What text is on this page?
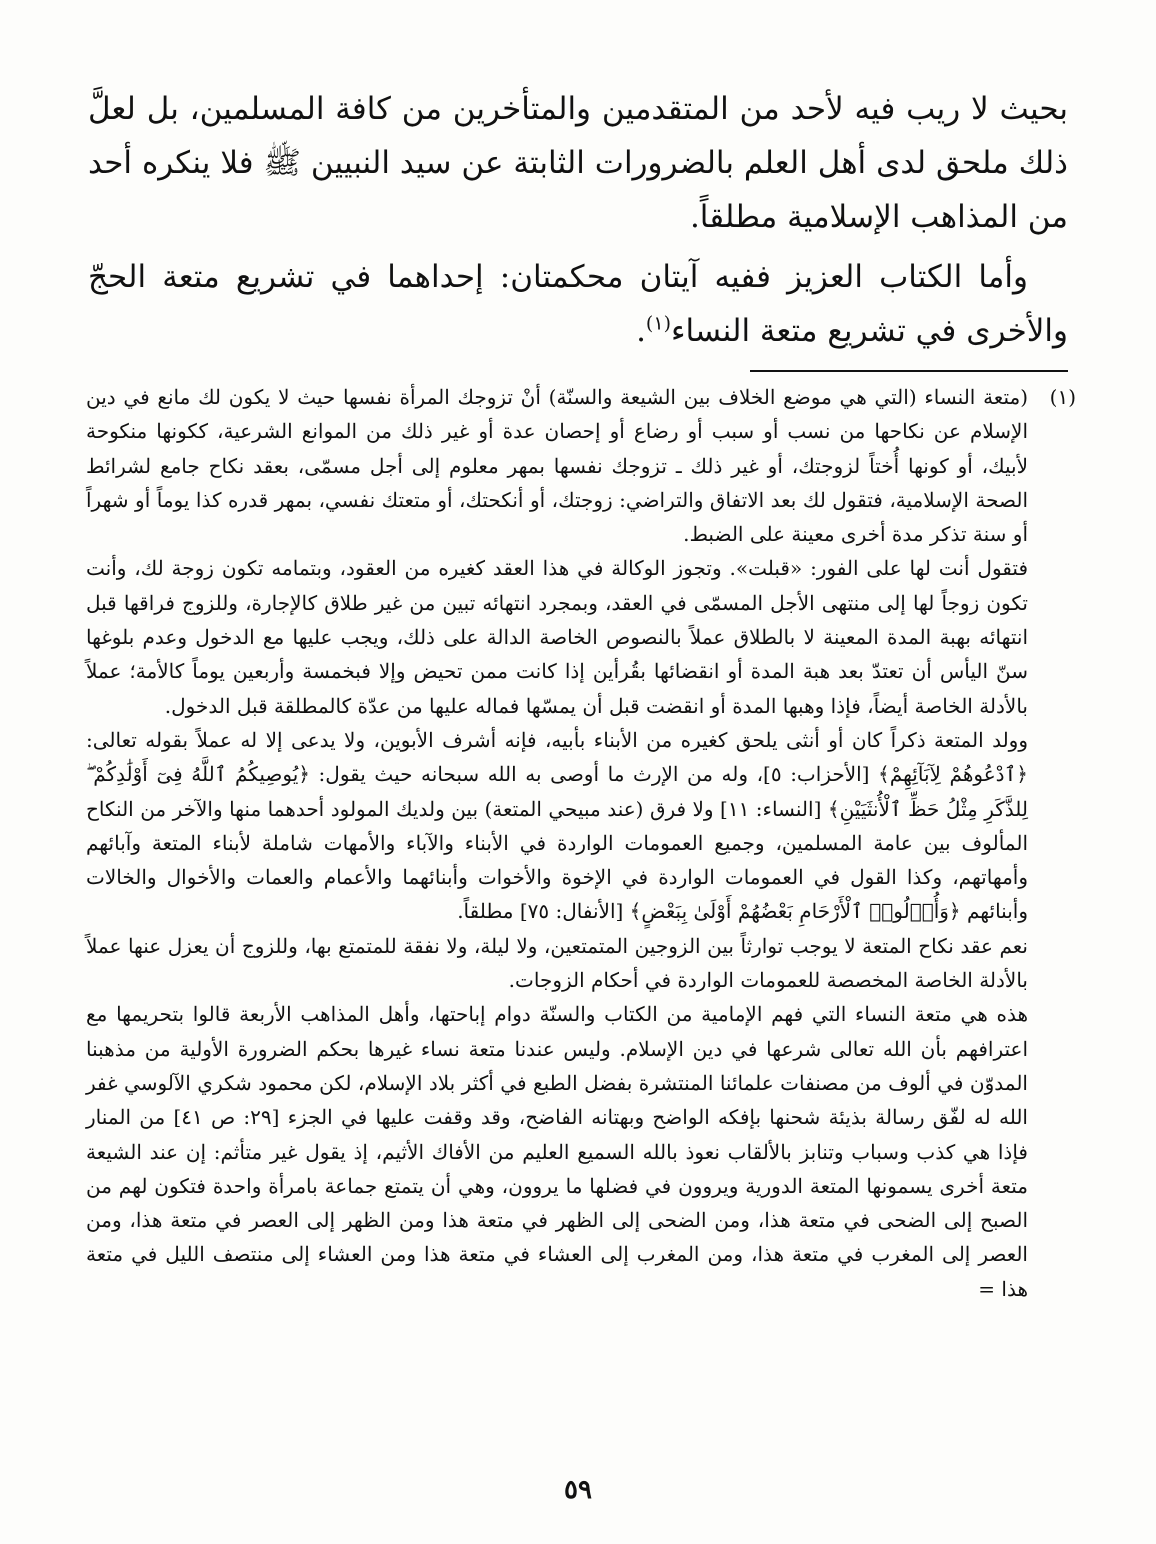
بحيث لا ريب فيه لأحد من المتقدمين والمتأخرين من كافة المسلمين، بل لعلَّ ذلك ملحق لدى أهل العلم بالضرورات الثابتة عن سيد النبيين ﷺ فلا ينكره أحد من المذاهب الإسلامية مطلقاً.

وأما الكتاب العزيز ففيه آيتان محكمتان: إحداهما في تشريع متعة الحجّ والأخرى في تشريع متعة النساء$^{(١)}$.

(١)

(متعة النساء (التي هي موضع الخلاف بين الشيعة والسنّة) أنْ تزوجك المرأة نفسها حيث لا يكون لك مانع في دين الإسلام عن نكاحها من نسب أو سبب أو رضاع أو إحصان عدة أو غير ذلك من الموانع الشرعية، ككونها منكوحة لأبيك، أو كونها أُختاً لزوجتك، أو غير ذلك ـ تزوجك نفسها بمهر معلوم إلى أجل مسمّى، بعقد نكاح جامع لشرائط الصحة الإسلامية، فتقول لك بعد الاتفاق والتراضي: زوجتك، أو أنكحتك، أو متعتك نفسي، بمهر قدره كذا يوماً أو شهراً أو سنة تذكر مدة أخرى معينة على الضبط.

فتقول أنت لها على الفور: «قبلت». وتجوز الوكالة في هذا العقد كغيره من العقود، وبتمامه تكون زوجة لك، وأنت تكون زوجاً لها إلى منتهى الأجل المسمّى في العقد، وبمجرد انتهائه تبين من غير طلاق كالإجارة، وللزوج فراقها قبل انتهائه بهبة المدة المعينة لا بالطلاق عملاً بالنصوص الخاصة الدالة على ذلك، ويجب عليها مع الدخول وعدم بلوغها سنّ اليأس أن تعتدّ بعد هبة المدة أو انقضائها بقُرأين إذا كانت ممن تحيض وإلا فبخمسة وأربعين يوماً كالأمة؛ عملاً بالأدلة الخاصة أيضاً، فإذا وهبها المدة أو انقضت قبل أن يمسّها فماله عليها من عدّة كالمطلقة قبل الدخول.

وولد المتعة ذكراً كان أو أنثى يلحق كغيره من الأبناء بأبيه، فإنه أشرف الأبوين، ولا يدعى إلا له عملاً بقوله تعالى: ﴿ٱدْعُوهُمْ لِآبَآئِهِمْ﴾ [الأحزاب: ٥]، وله من الإرث ما أوصى به الله سبحانه حيث يقول: ﴿يُوصِيكُمُ ٱللَّهُ فِىٓ أَوْلَٰدِكُمْ ۖ لِلذَّكَرِ مِثْلُ حَظِّ ٱلْأُنثَيَيْنِ﴾ [النساء: ١١] ولا فرق (عند مبيحي المتعة) بين ولديك المولود أحدهما منها والآخر من النكاح المألوف بين عامة المسلمين، وجميع العمومات الواردة في الأبناء والآباء والأمهات شاملة لأبناء المتعة وآبائهم وأمهاتهم، وكذا القول في العمومات الواردة في الإخوة والأخوات وأبنائهما والأعمام والعمات والأخوال والخالات وأبنائهم ﴿وَأُو۟لُوا۟ ٱلْأَرْحَامِ بَعْضُهُمْ أَوْلَىٰ بِبَعْضٍ﴾ [الأنفال: ٧٥] مطلقاً.

نعم عقد نكاح المتعة لا يوجب توارثاً بين الزوجين المتمتعين، ولا ليلة، ولا نفقة للمتمتع بها، وللزوج أن يعزل عنها عملاً بالأدلة الخاصة المخصصة للعمومات الواردة في أحكام الزوجات.

هذه هي متعة النساء التي فهم الإمامية من الكتاب والسنّة دوام إباحتها، وأهل المذاهب الأربعة قالوا بتحريمها مع اعترافهم بأن الله تعالى شرعها في دين الإسلام. وليس عندنا متعة نساء غيرها بحكم الضرورة الأولية من مذهبنا المدوّن في ألوف من مصنفات علمائنا المنتشرة بفضل الطبع في أكثر بلاد الإسلام، لكن محمود شكري الآلوسي غفر الله له لفّق رسالة بذيئة شحنها بإفكه الواضح وبهتانه الفاضح، وقد وقفت عليها في الجزء [٢٩: ص ٤١] من المنار فإذا هي كذب وسباب وتنابز بالألقاب نعوذ بالله السميع العليم من الأفاك الأثيم، إذ يقول غير متأثم: إن عند الشيعة متعة أخرى يسمونها المتعة الدورية ويروون في فضلها ما يروون، وهي أن يتمتع جماعة بامرأة واحدة فتكون لهم من الصبح إلى الضحى في متعة هذا، ومن الضحى إلى الظهر في متعة هذا ومن الظهر إلى العصر في متعة هذا، ومن العصر إلى المغرب في متعة هذا، ومن المغرب إلى العشاء في متعة هذا ومن العشاء إلى منتصف الليل في متعة هذا =

٥٩
